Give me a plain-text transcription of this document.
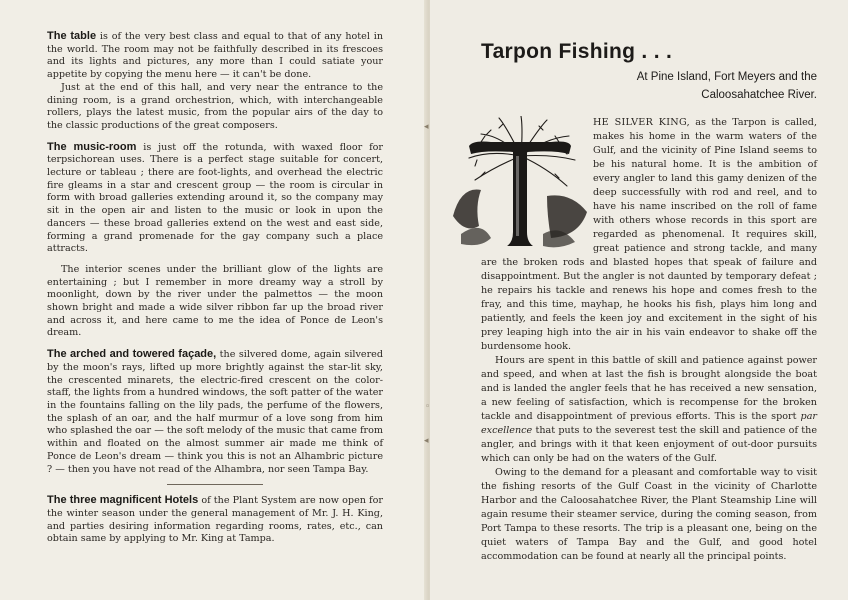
The table is of the very best class and equal to that of any hotel in the world. The room may not be faithfully described in its frescoes and its lights and pictures, any more than I could satiate your appetite by copying the menu here — it can't be done.

Just at the end of this hall, and very near the entrance to the dining room, is a grand orchestrion, which, with interchangeable rollers, plays the latest music, from the popular airs of the day to the classic productions of the great composers.

The music-room is just off the rotunda, with waxed floor for terpsichorean uses. There is a perfect stage suitable for concert, lecture or tableau ; there are foot-lights, and overhead the electric fire gleams in a star and crescent group — the room is circular in form with broad galleries extending around it, so the company may sit in the open air and listen to the music or look in upon the dancers — these broad galleries extend on the west and east side, forming a grand promenade for the gay company such a place attracts.

The interior scenes under the brilliant glow of the lights are entertaining ; but I remember in more dreamy way a stroll by moonlight, down by the river under the palmettos — the moon shown bright and made a wide silver ribbon far up the broad river and across it, and here came to me the idea of Ponce de Leon's dream.

The arched and towered façade, the silvered dome, again silvered by the moon's rays, lifted up more brightly against the star-lit sky, the crescented minarets, the electric-fired crescent on the color-staff, the lights from a hundred windows, the soft patter of the water in the fountains falling on the lily pads, the perfume of the flowers, the splash of an oar, and the half murmur of a love song from him who splashed the oar — the soft melody of the music that came from within and floated on the almost summer air made me think of Ponce de Leon's dream — think you this is not an Alhambric picture ? — then you have not read of the Alhambra, nor seen Tampa Bay.

The three magnificent Hotels of the Plant System are now open for the winter season under the general management of Mr. J. H. King, and parties desiring information regarding rooms, rates, etc., can obtain same by applying to Mr. King at Tampa.

◂
◦
◂
Tarpon Fishing . . .

At Pine Island, Fort Meyers and the

Caloosahatchee River.

HE SILVER KING, as the Tarpon is called, makes his home in the warm waters of the Gulf, and the vicinity of Pine Island seems to be his natural home. It is the ambition of every angler to land this gamy denizen of the deep successfully with rod and reel, and to have his name inscribed on the roll of fame with others whose records in this sport are regarded as phenomenal. It requires skill, great patience and strong tackle, and many are the broken rods and blasted hopes that speak of failure and disappointment. But the angler is not daunted by temporary defeat ; he repairs his tackle and renews his hope and comes fresh to the fray, and this time, mayhap, he hooks his fish, plays him long and patiently, and feels the keen joy and excitement in the sight of his prey leaping high into the air in his vain endeavor to shake off the burdensome hook.

Hours are spent in this battle of skill and patience against power and speed, and when at last the fish is brought alongside the boat and is landed the angler feels that he has received a new sensation, a new feeling of satisfaction, which is recompense for the broken tackle and disappointment of previous efforts. This is the sport par excellence that puts to the severest test the skill and patience of the angler, and brings with it that keen enjoyment of out-door pursuits which can only be had on the waters of the Gulf.

Owing to the demand for a pleasant and comfortable way to visit the fishing resorts of the Gulf Coast in the vicinity of Charlotte Harbor and the Caloosahatchee River, the Plant Steamship Line will again resume their steamer service, during the coming season, from Port Tampa to these resorts. The trip is a pleasant one, being on the quiet waters of Tampa Bay and the Gulf, and good hotel accommodation can be found at nearly all the principal points.
